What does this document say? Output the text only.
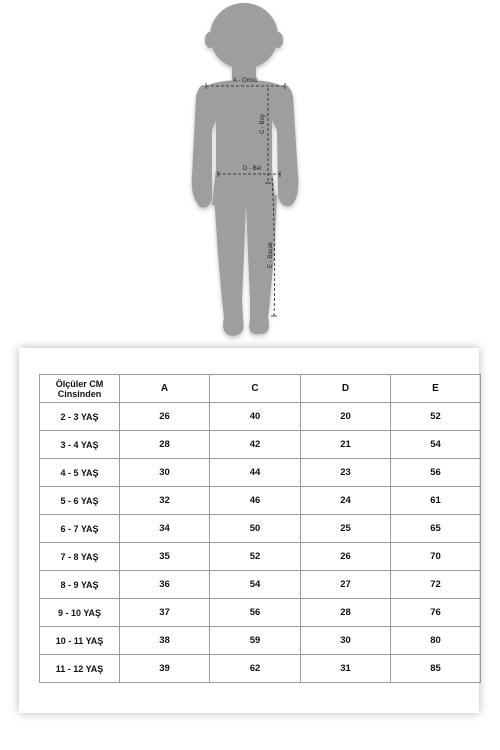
A - Omuz
C - Boy
D - Bel
E - Bacak
Ölçüler CM
Cinsinden	A	C	D	E
2 - 3 YAŞ	26	40	20	52
3 - 4 YAŞ	28	42	21	54
4 - 5 YAŞ	30	44	23	56
5 - 6 YAŞ	32	46	24	61
6 - 7 YAŞ	34	50	25	65
7 - 8 YAŞ	35	52	26	70
8 - 9 YAŞ	36	54	27	72
9 - 10 YAŞ	37	56	28	76
10 - 11 YAŞ	38	59	30	80
11 - 12 YAŞ	39	62	31	85
